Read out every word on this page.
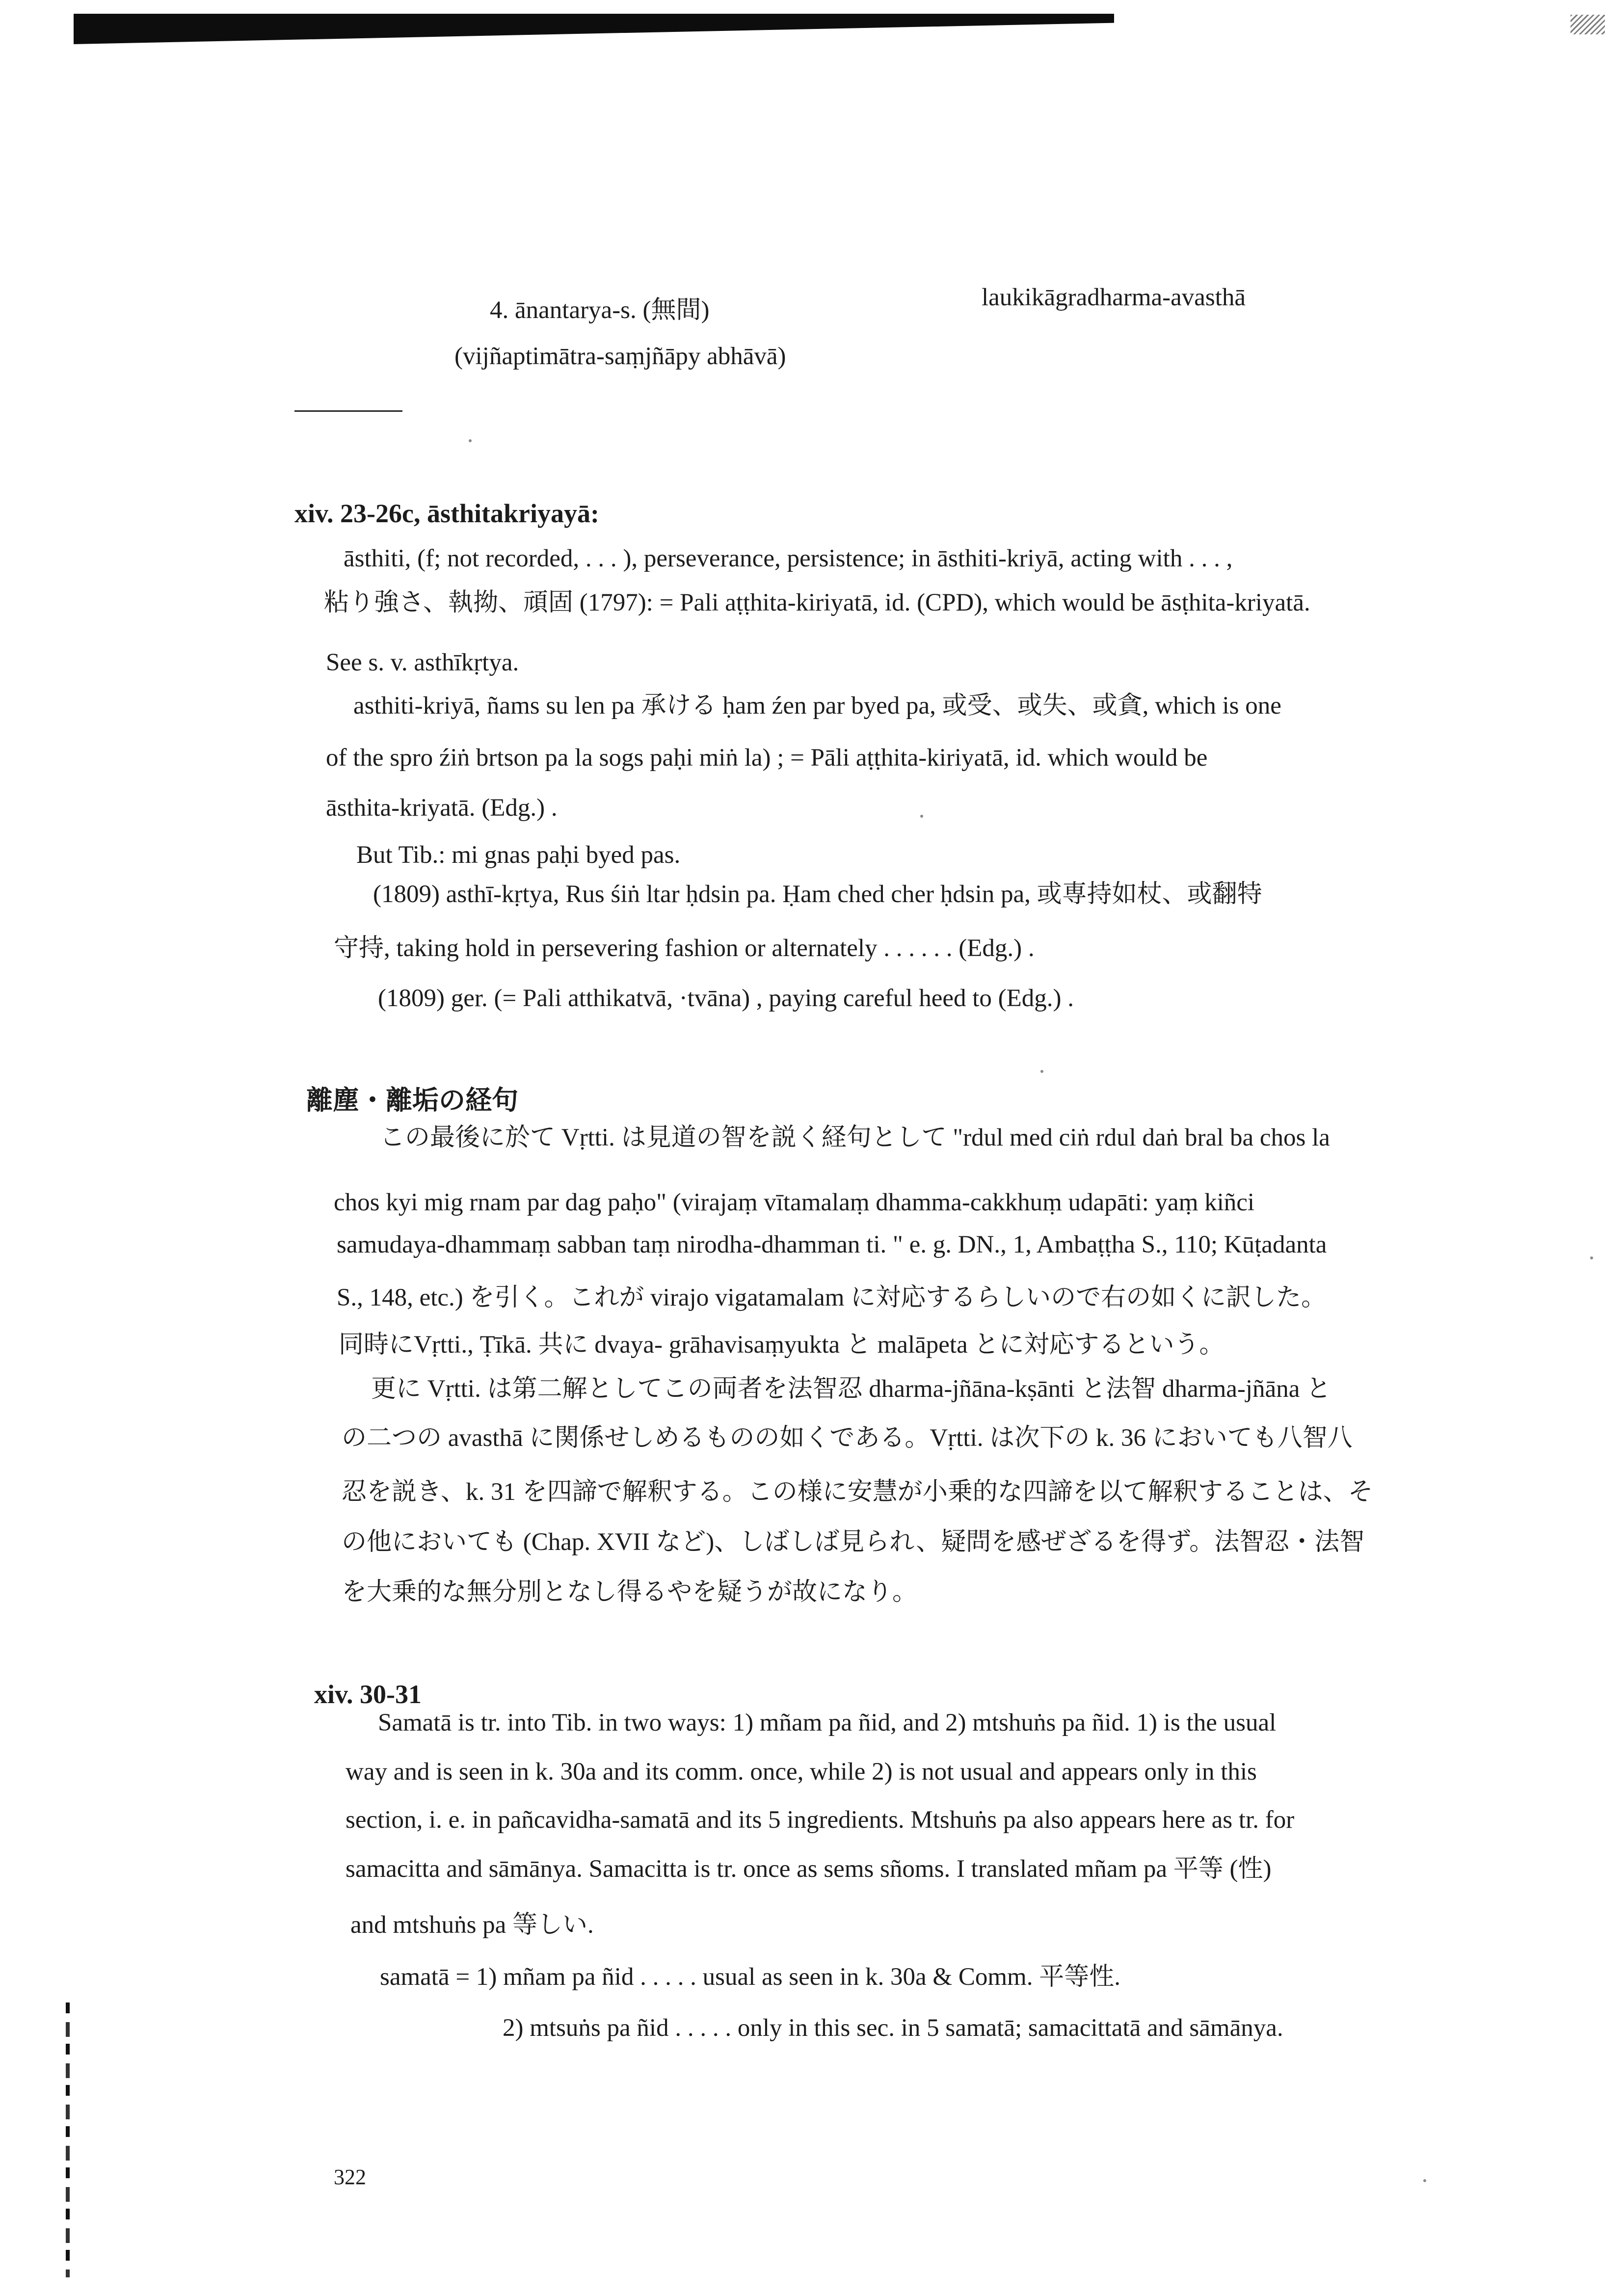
4. ānantarya-s. (無間)	laukikāgradharma-avasthā
(vijñaptimātra-saṃjñāpy abhāvā)
xiv. 23-26c, āsthitakriyayā:
āsthiti, (f; not recorded, . . . ), perseverance, persistence; in āsthiti-kriyā, acting with . . . ,
粘り強さ、執拗、頑固 (1797): = Pali aṭṭhita-kiriyatā, id. (CPD), which would be āsṭhita-kriyatā.
See s. v. asthīkṛtya.
asthiti-kriyā, ñams su len pa 承ける ḥam źen par byed pa, 或受、或失、或貪, which is one
of the spro źiṅ brtson pa la sogs paḥi miṅ la) ; = Pāli aṭṭhita-kiriyatā, id. which would be
āsthita-kriyatā. (Edg.) .
But Tib.: mi gnas paḥi byed pas.
(1809) asthī-kṛtya, Rus śiṅ ltar ḥdsin pa. Ḥam ched cher ḥdsin pa, 或専持如杖、或翻特
守持, taking hold in persevering fashion or alternately . . . . . . (Edg.) .
(1809) ger. (= Pali atthikatvā, ·tvāna) , paying careful heed to (Edg.) .
離塵・離垢の経句
この最後に於て Vṛtti. は見道の智を説く経句として "rdul med ciṅ rdul daṅ bral ba chos la
chos kyi mig rnam par dag paḥo" (virajaṃ vītamalaṃ dhamma-cakkhuṃ udapāti: yaṃ kiñci
samudaya-dhammaṃ sabban taṃ nirodha-dhamman ti. " e. g. DN., 1, Ambaṭṭha S., 110; Kūṭadanta
S., 148, etc.) を引く。これが virajo vigatamalam に対応するらしいので右の如くに訳した。
同時にVṛtti., Ṭīkā. 共に dvaya- grāhavisaṃyukta と malāpeta とに対応するという。
更に Vṛtti. は第二解としてこの両者を法智忍 dharma-jñāna-kṣānti と法智 dharma-jñāna と
の二つの avasthā に関係せしめるものの如くである。Vṛtti. は次下の k. 36 においても八智八
忍を説き、k. 31 を四諦で解釈する。この様に安慧が小乗的な四諦を以て解釈することは、そ
の他においても (Chap. XVII など)、しばしば見られ、疑問を感ぜざるを得ず。法智忍・法智
を大乗的な無分別となし得るやを疑うが故になり。
xiv. 30-31
Samatā is tr. into Tib. in two ways: 1) mñam pa ñid, and 2) mtshuṅs pa ñid. 1) is the usual
way and is seen in k. 30a and its comm. once, while 2) is not usual and appears only in this
section, i. e. in pañcavidha-samatā and its 5 ingredients. Mtshuṅs pa also appears here as tr. for
samacitta and sāmānya. Samacitta is tr. once as sems sñoms. I translated mñam pa 平等 (性)
and mtshuṅs pa 等しい.
samatā = 1) mñam pa ñid . . . . . usual as seen in k. 30a & Comm. 平等性.
2) mtsuṅs pa ñid . . . . . only in this sec. in 5 samatā; samacittatā and sāmānya.
322
